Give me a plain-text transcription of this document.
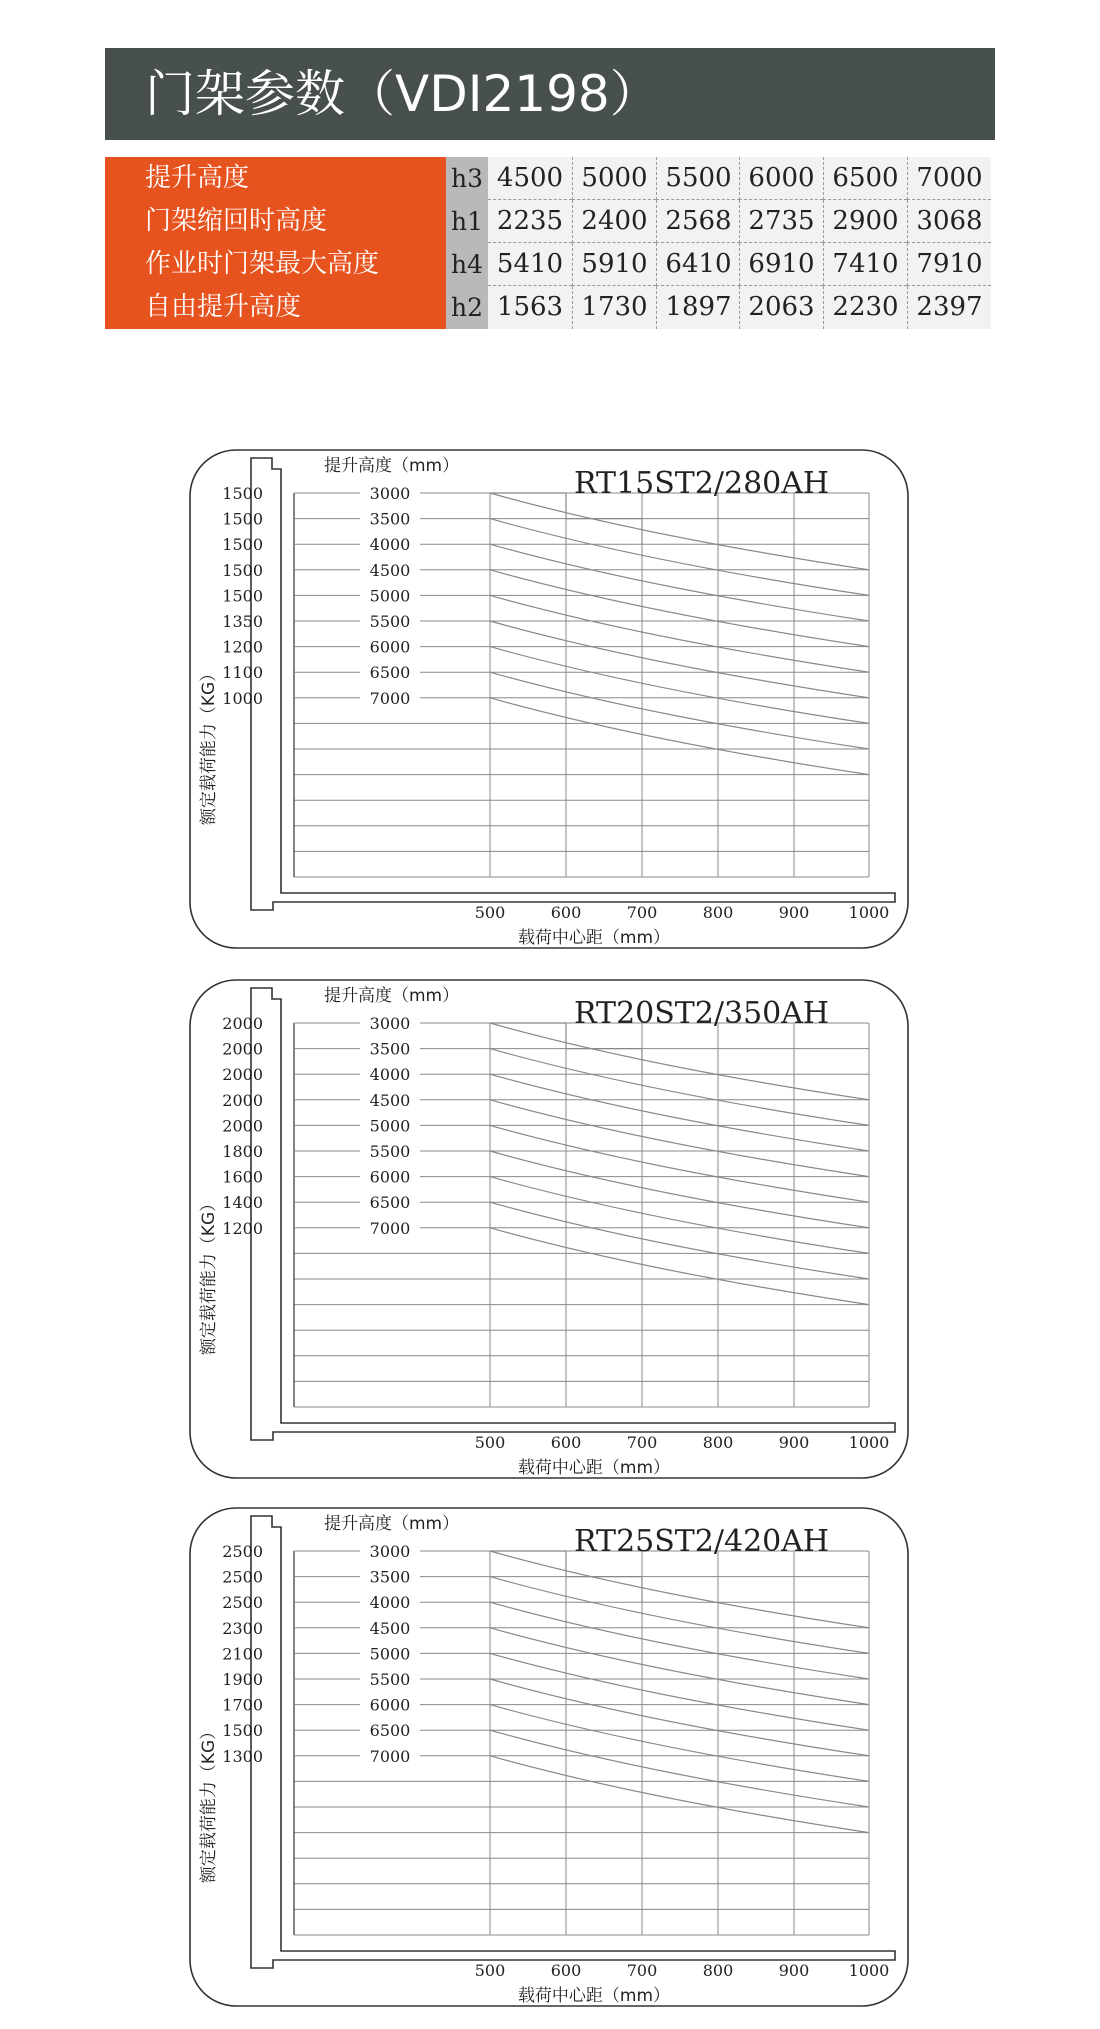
门架参数（VDI2198）
提升高度	h3 4500 5000 5500 6000 6500 7000
门架缩回时高度	h1 2235 2400 2568 2735 2900 3068
作业时门架最大高度	h4 5410 5910 6410 6910 7410 7910
自由提升高度	h2 1563 1730 1897 2063 2230 2397
提升高度（mm）	RT15ST2/280AH
1500
1500
1500
1500
1500
1350
1200
1100
1000
3000
3500
4000
4500
5000
5500
6000
6500
7000
500	600	700	800	900 1000
载荷中心距（mm）
额定载荷能力（KG）
提升高度（mm）	RT20ST2/350AH
2000
2000
2000
2000
2000
1800
1600
1400
1200
3000
3500
4000
4500
5000
5500
6000
6500
7000
500	600	700	800	900 1000
载荷中心距（mm）
额定载荷能力（KG）
提升高度（mm）	RT25ST2/420AH
2500
2500
2500
2300
2100
1900
1700
1500
1300
3000
3500
4000
4500
5000
5500
6000
6500
7000
500	600	700	800	900 1000
载荷中心距（mm）
额定载荷能力（KG）
